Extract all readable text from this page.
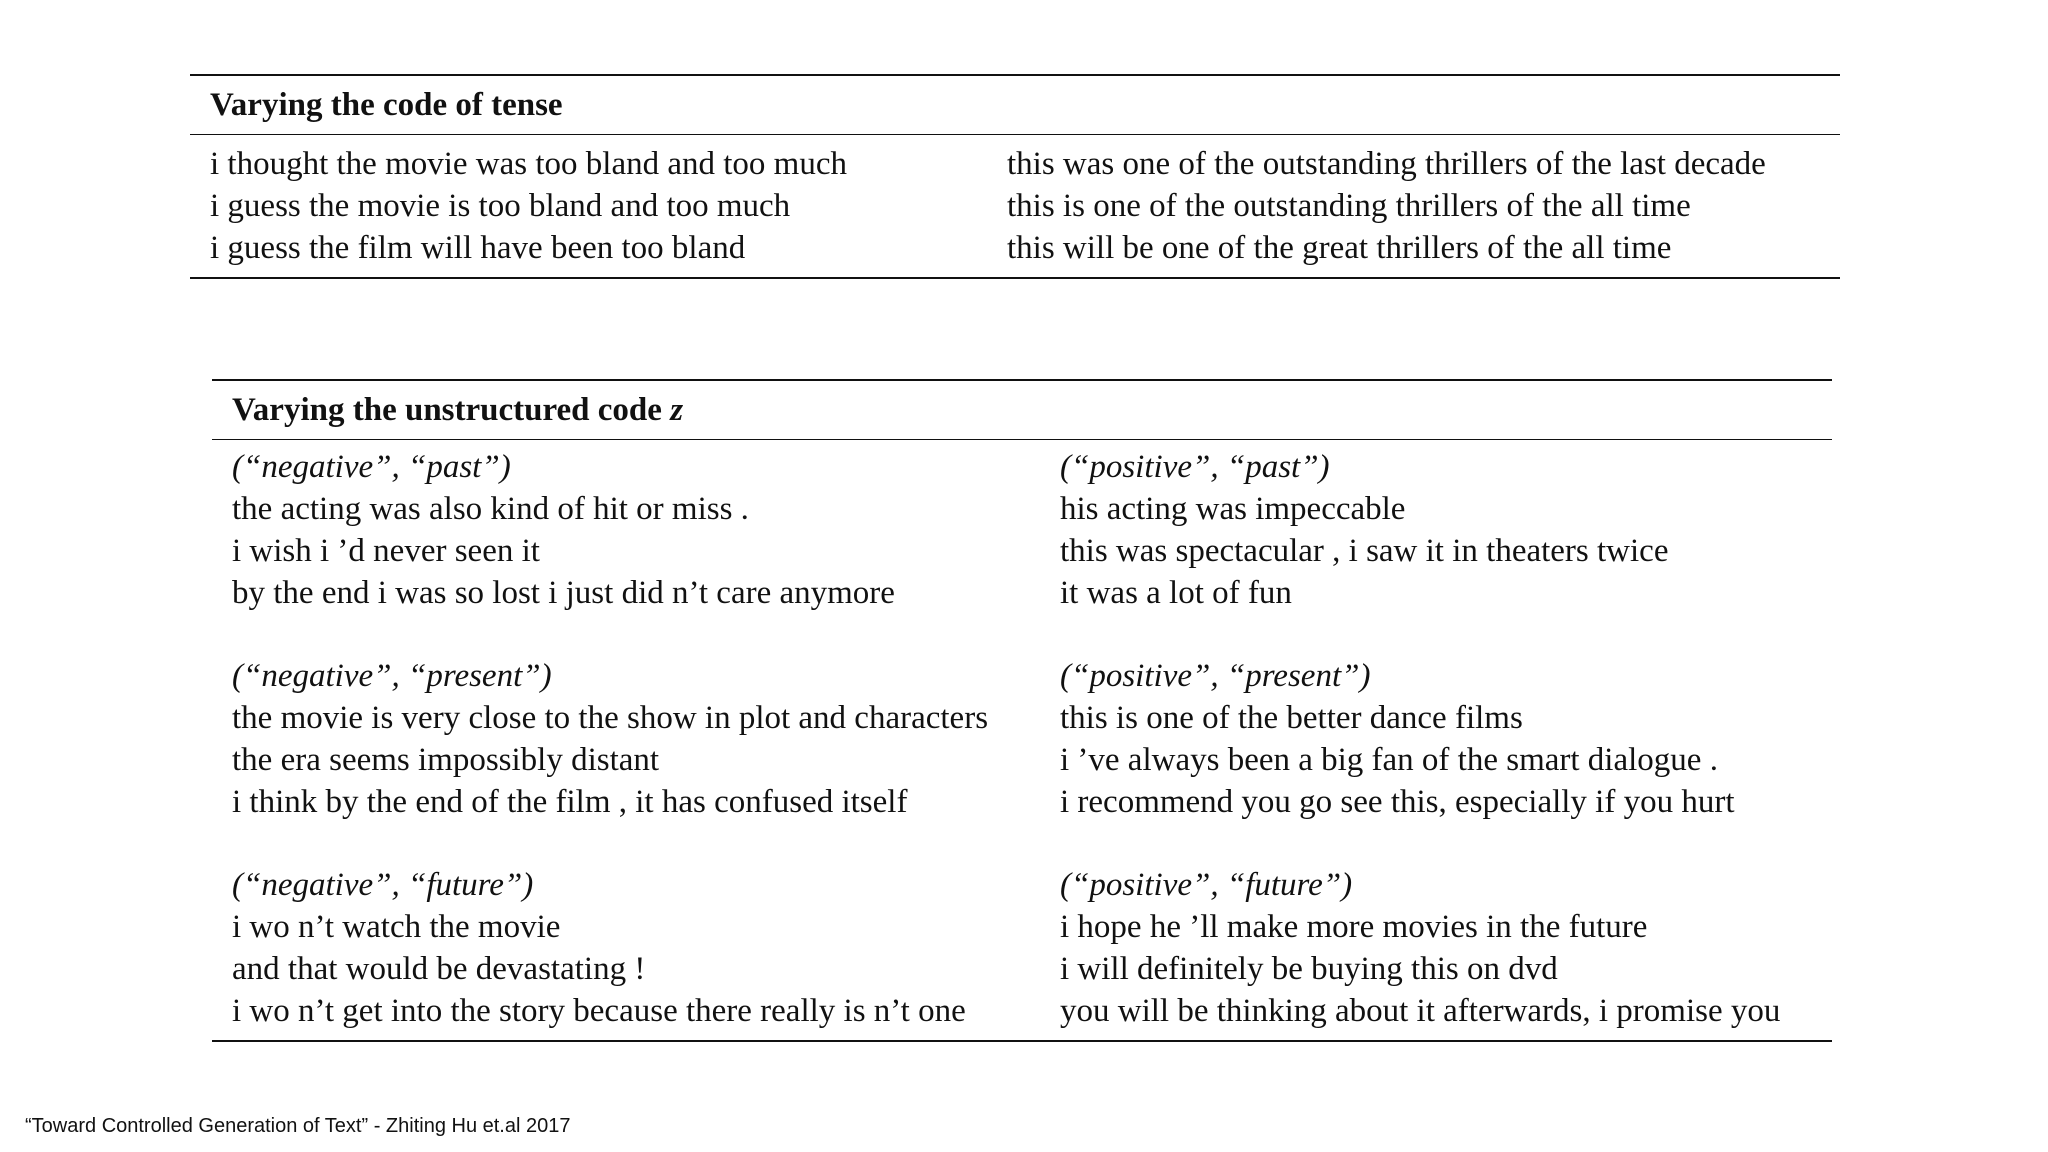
Varying the code of tense
i thought the movie was too bland and too much
i guess the movie is too bland and too much
i guess the film will have been too bland
this was one of the outstanding thrillers of the last decade
this is one of the outstanding thrillers of the all time
this will be one of the great thrillers of the all time
Varying the unstructured code z
(“negative”, “past”)
the acting was also kind of hit or miss .
i wish i ’d never seen it
by the end i was so lost i just did n’t care anymore
(“positive”, “past”)
his acting was impeccable
this was spectacular , i saw it in theaters twice
it was a lot of fun
(“negative”, “present”)
the movie is very close to the show in plot and characters
the era seems impossibly distant
i think by the end of the film , it has confused itself
(“positive”, “present”)
this is one of the better dance films
i ’ve always been a big fan of the smart dialogue .
i recommend you go see this, especially if you hurt
(“negative”, “future”)
i wo n’t watch the movie
and that would be devastating !
i wo n’t get into the story because there really is n’t one
(“positive”, “future”)
i hope he ’ll make more movies in the future
i will definitely be buying this on dvd
you will be thinking about it afterwards, i promise you
“Toward Controlled Generation of Text” - Zhiting Hu et.al 2017
